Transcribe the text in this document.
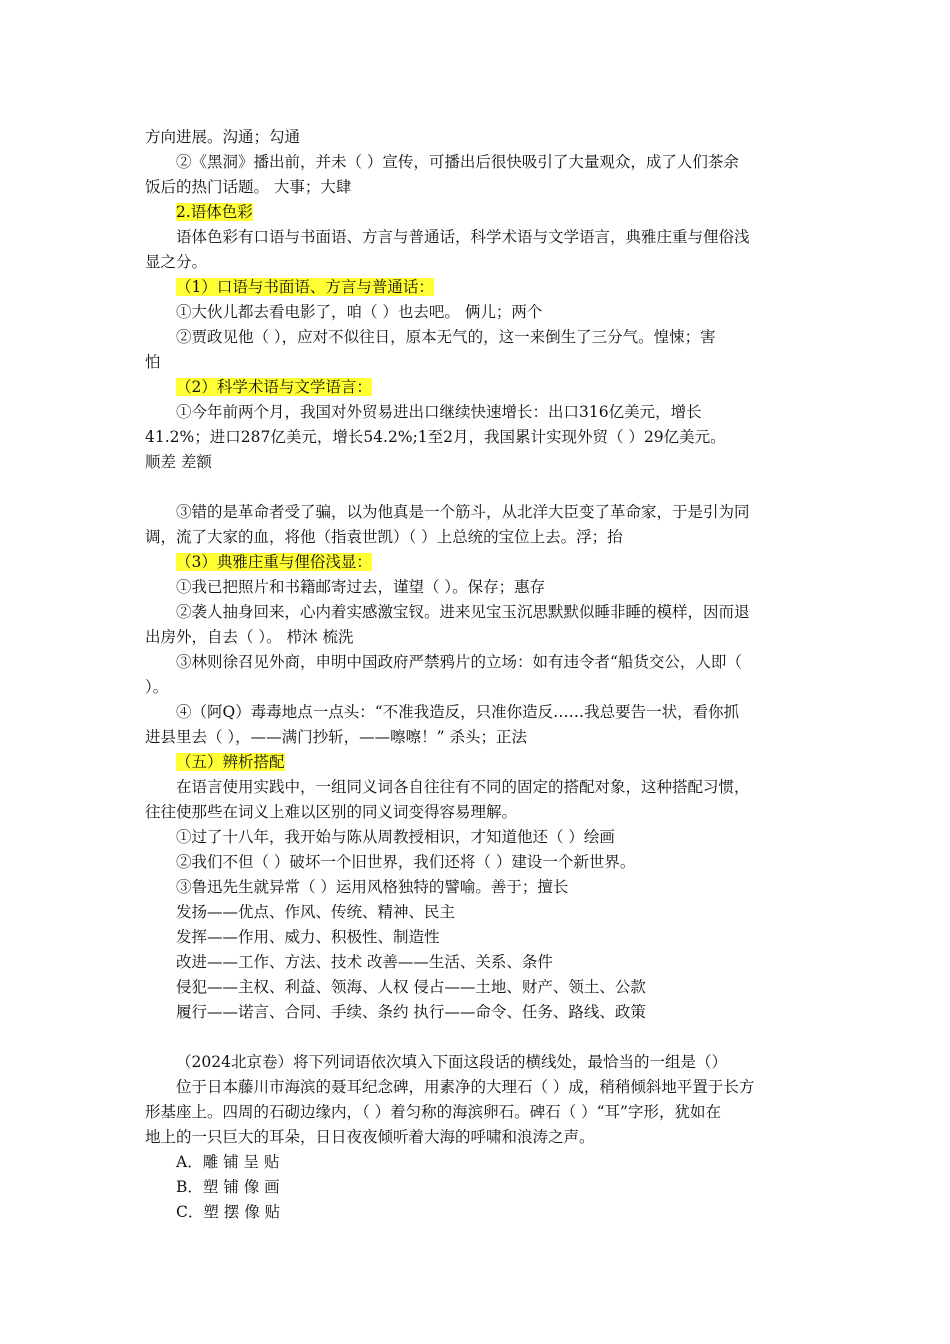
方向进展。沟通；勾通
②《黑洞》播出前，并未（ ）宣传，可播出后很快吸引了大量观众，成了人们茶余
饭后的热门话题。 大事；大肆
2.语体色彩
语体色彩有口语与书面语、方言与普通话，科学术语与文学语言，典雅庄重与俚俗浅
显之分。
（1）口语与书面语、方言与普通话：
①大伙儿都去看电影了，咱（ ）也去吧。 俩儿；两个
②贾政见他（ ），应对不似往日，原本无气的，这一来倒生了三分气。惶悚；害
怕
（2）科学术语与文学语言：
①今年前两个月，我国对外贸易进出口继续快速增长：出口316亿美元，增长
41.2%；进口287亿美元，增长54.2%;1至2月，我国累计实现外贸（ ）29亿美元。
顺差 差额
③错的是革命者受了骗，以为他真是一个筋斗，从北洋大臣变了革命家，于是引为同
调，流了大家的血，将他（指袁世凯）（ ）上总统的宝位上去。浮；抬
（3）典雅庄重与俚俗浅显：
①我已把照片和书籍邮寄过去，谨望（ ）。保存；惠存
②袭人抽身回来，心内着实感激宝钗。进来见宝玉沉思默默似睡非睡的模样，因而退
出房外，自去（ ）。 栉沐 梳洗
③林则徐召见外商，申明中国政府严禁鸦片的立场：如有违令者“船货交公，人即（
）。
④（阿Q）毒毒地点一点头：“不准我造反，只准你造反……我总要告一状，看你抓
进县里去（ ），——满门抄斩，——嚓嚓！” 杀头；正法
（五）辨析搭配
在语言使用实践中，一组同义词各自往往有不同的固定的搭配对象，这种搭配习惯，
往往使那些在词义上难以区别的同义词变得容易理解。
①过了十八年，我开始与陈从周教授相识，才知道他还（ ）绘画
②我们不但（ ）破坏一个旧世界，我们还将（ ）建设一个新世界。
③鲁迅先生就异常（ ）运用风格独特的譬喻。善于；擅长
发扬——优点、作风、传统、精神、民主
发挥——作用、威力、积极性、制造性
改进——工作、方法、技术 改善——生活、关系、条件
侵犯——主权、利益、领海、人权 侵占——土地、财产、领土、公款
履行——诺言、合同、手续、条约 执行——命令、任务、路线、政策
（2024北京卷）将下列词语依次填入下面这段话的横线处，最恰当的一组是（）
位于日本藤川市海滨的聂耳纪念碑，用素净的大理石（ ）成，稍稍倾斜地平置于长方
形基座上。四周的石砌边缘内，（ ）着匀称的海滨卵石。碑石（ ）“耳”字形，犹如在
地上的一只巨大的耳朵，日日夜夜倾听着大海的呼啸和浪涛之声。
A．雕 铺 呈 贴
B．塑 铺 像 画
C．塑 摆 像 贴
